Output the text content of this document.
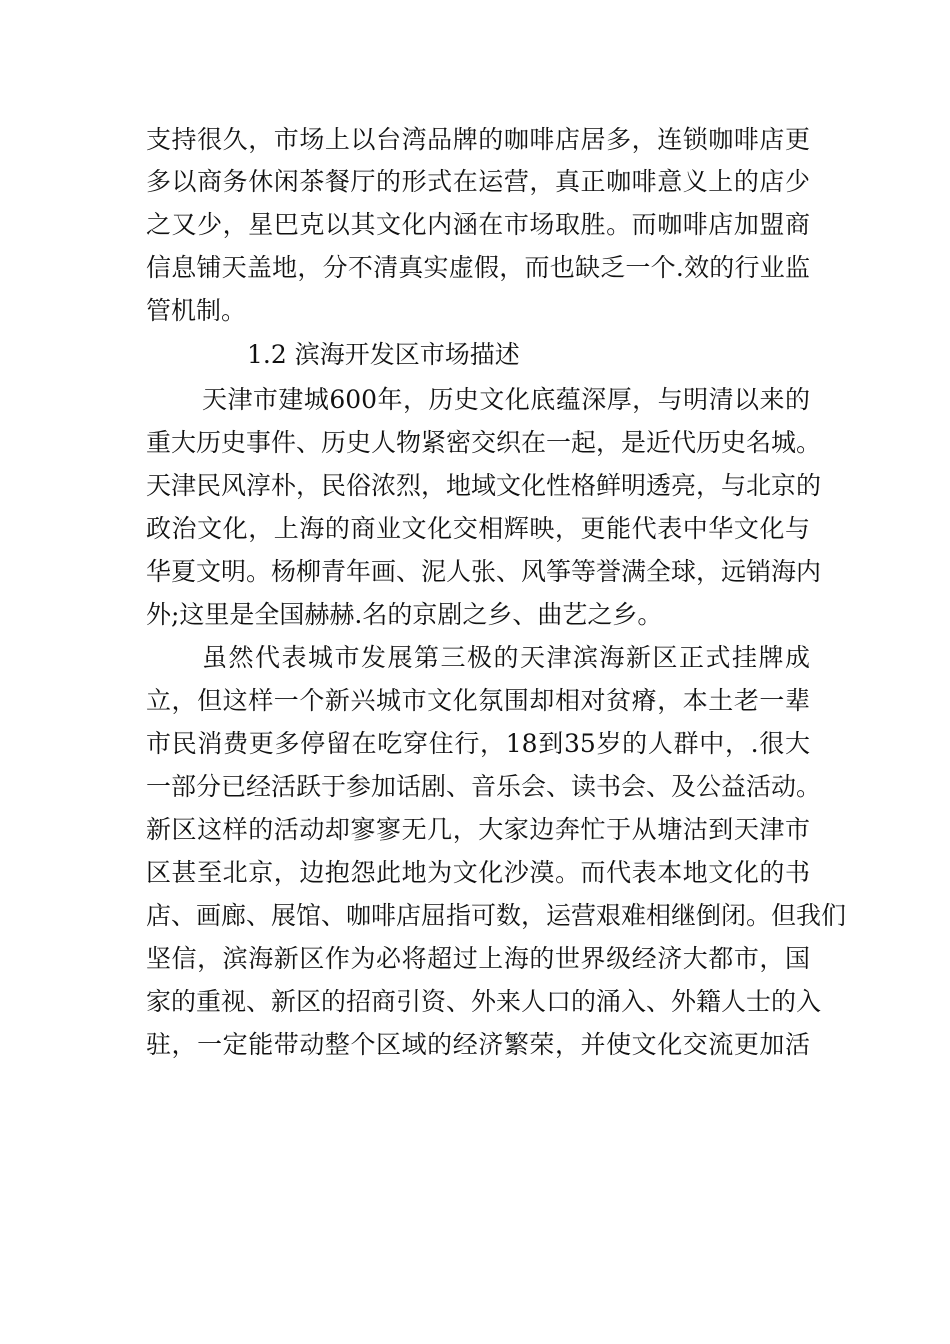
支持很久，市场上以台湾品牌的咖啡店居多，连锁咖啡店更
多以商务休闲茶餐厅的形式在运营，真正咖啡意义上的店少
之又少，星巴克以其文化内涵在市场取胜。而咖啡店加盟商
信息铺天盖地，分不清真实虚假，而也缺乏一个.效的行业监
管机制。
1.2 滨海开发区市场描述
天津市建城600年，历史文化底蕴深厚，与明清以来的
重大历史事件、历史人物紧密交织在一起，是近代历史名城。
天津民风淳朴，民俗浓烈，地域文化性格鲜明透亮，与北京的
政治文化，上海的商业文化交相辉映，更能代表中华文化与
华夏文明。杨柳青年画、泥人张、风筝等誉满全球，远销海内
外;这里是全国赫赫.名的京剧之乡、曲艺之乡。
虽然代表城市发展第三极的天津滨海新区正式挂牌成
立，但这样一个新兴城市文化氛围却相对贫瘠，本土老一辈
市民消费更多停留在吃穿住行，18到35岁的人群中，.很大
一部分已经活跃于参加话剧、音乐会、读书会、及公益活动。
新区这样的活动却寥寥无几，大家边奔忙于从塘沽到天津市
区甚至北京，边抱怨此地为文化沙漠。而代表本地文化的书
店、画廊、展馆、咖啡店屈指可数，运营艰难相继倒闭。但我们
坚信，滨海新区作为必将超过上海的世界级经济大都市，国
家的重视、新区的招商引资、外来人口的涌入、外籍人士的入
驻，一定能带动整个区域的经济繁荣，并使文化交流更加活
